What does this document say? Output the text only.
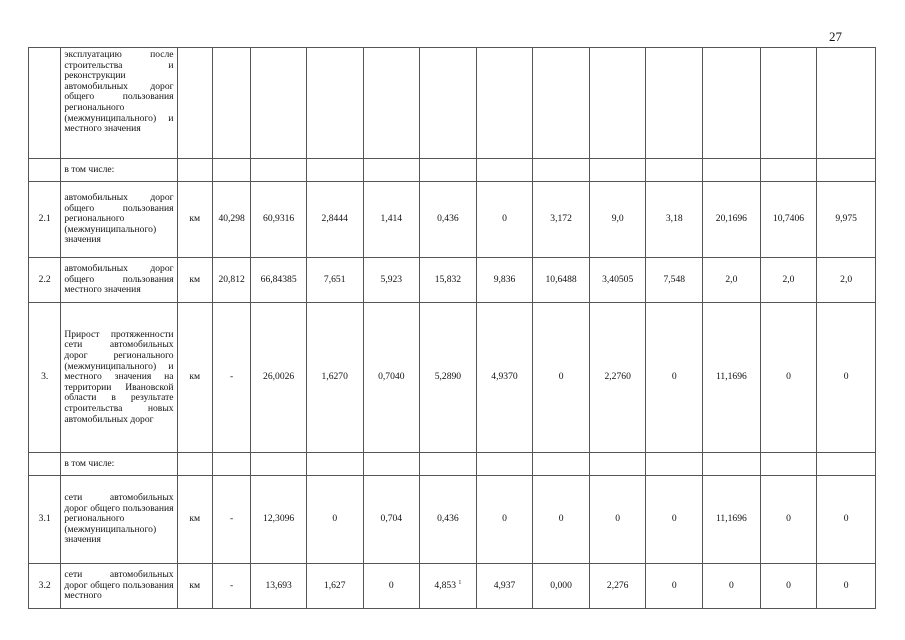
27
	эксплуатацию после строительства и реконструкции автомобильных дорог общего пользования регионального (межмуниципального) и местного значения													
	в том числе:													
2.1	автомобильных дорог общего пользования регионального (межмуниципального) значения	км	40,298	60,9316	2,8444	1,414	0,436	0	3,172	9,0	3,18	20,1696	10,7406	9,975
2.2	автомобильных дорог общего пользования местного значения	км	20,812	66,84385	7,651	5,923	15,832	9,836	10,6488	3,40505	7,548	2,0	2,0	2,0
3.	Прирост протяженности сети автомобильных дорог регионального (межмуниципального) и местного значения на территории Ивановской области в результате строительства новых автомобильных дорог	км	-	26,0026	1,6270	0,7040	5,2890	4,9370	0	2,2760	0	11,1696	0	0
	в том числе:													
3.1	сети автомобильных дорог общего пользования регионального (межмуниципального) значения	км	-	12,3096	0	0,704	0,436	0	0	0	0	11,1696	0	0
3.2	сети автомобильных дорог общего пользования местного	км	-	13,693	1,627	0	4,853 $^1$	4,937	0,000	2,276	0	0	0	0
